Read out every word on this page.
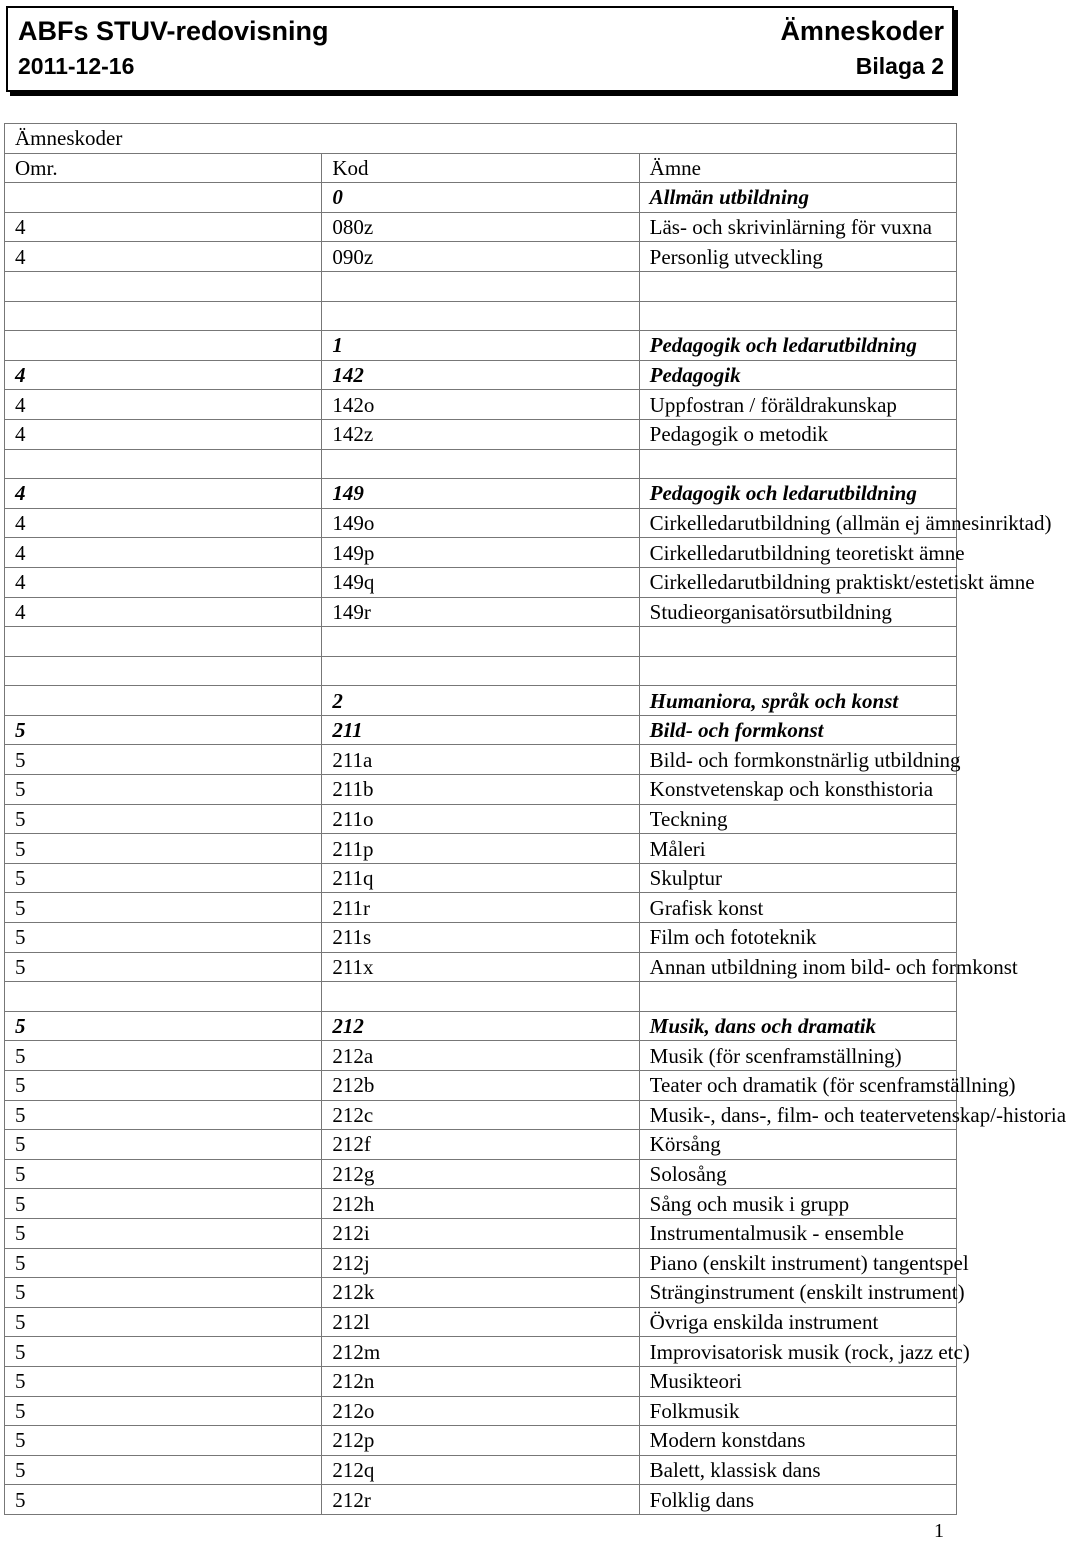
ABFs STUV-redovisning	Ämneskoder
2011-12-16	Bilaga 2
Ämneskoder		
Omr.	Kod	Ämne
	0	Allmän utbildning
4	080z	Läs- och skrivinlärning för vuxna
4	090z	Personlig utveckling

	1	Pedagogik och ledarutbildning
4	142	Pedagogik
4	142o	Uppfostran / föräldrakunskap
4	142z	Pedagogik o metodik

4	149	Pedagogik och ledarutbildning
4	149o	Cirkelledarutbildning (allmän ej ämnesinriktad)
4	149p	Cirkelledarutbildning teoretiskt ämne
4	149q	Cirkelledarutbildning praktiskt/estetiskt ämne
4	149r	Studieorganisatörsutbildning

	2	Humaniora, språk och konst
5	211	Bild- och formkonst
5	211a	Bild- och formkonstnärlig utbildning
5	211b	Konstvetenskap och konsthistoria
5	211o	Teckning
5	211p	Måleri
5	211q	Skulptur
5	211r	Grafisk konst
5	211s	Film och fototeknik
5	211x	Annan utbildning inom bild- och formkonst

5	212	Musik, dans och dramatik
5	212a	Musik (för scenframställning)
5	212b	Teater och dramatik (för scenframställning)
5	212c	Musik-, dans-, film- och teatervetenskap/-historia
5	212f	Körsång
5	212g	Solosång
5	212h	Sång och musik i grupp
5	212i	Instrumentalmusik - ensemble
5	212j	Piano (enskilt instrument) tangentspel
5	212k	Stränginstrument (enskilt instrument)
5	212l	Övriga enskilda instrument
5	212m	Improvisatorisk musik (rock, jazz etc)
5	212n	Musikteori
5	212o	Folkmusik
5	212p	Modern konstdans
5	212q	Balett, klassisk dans
5	212r	Folklig dans
1
